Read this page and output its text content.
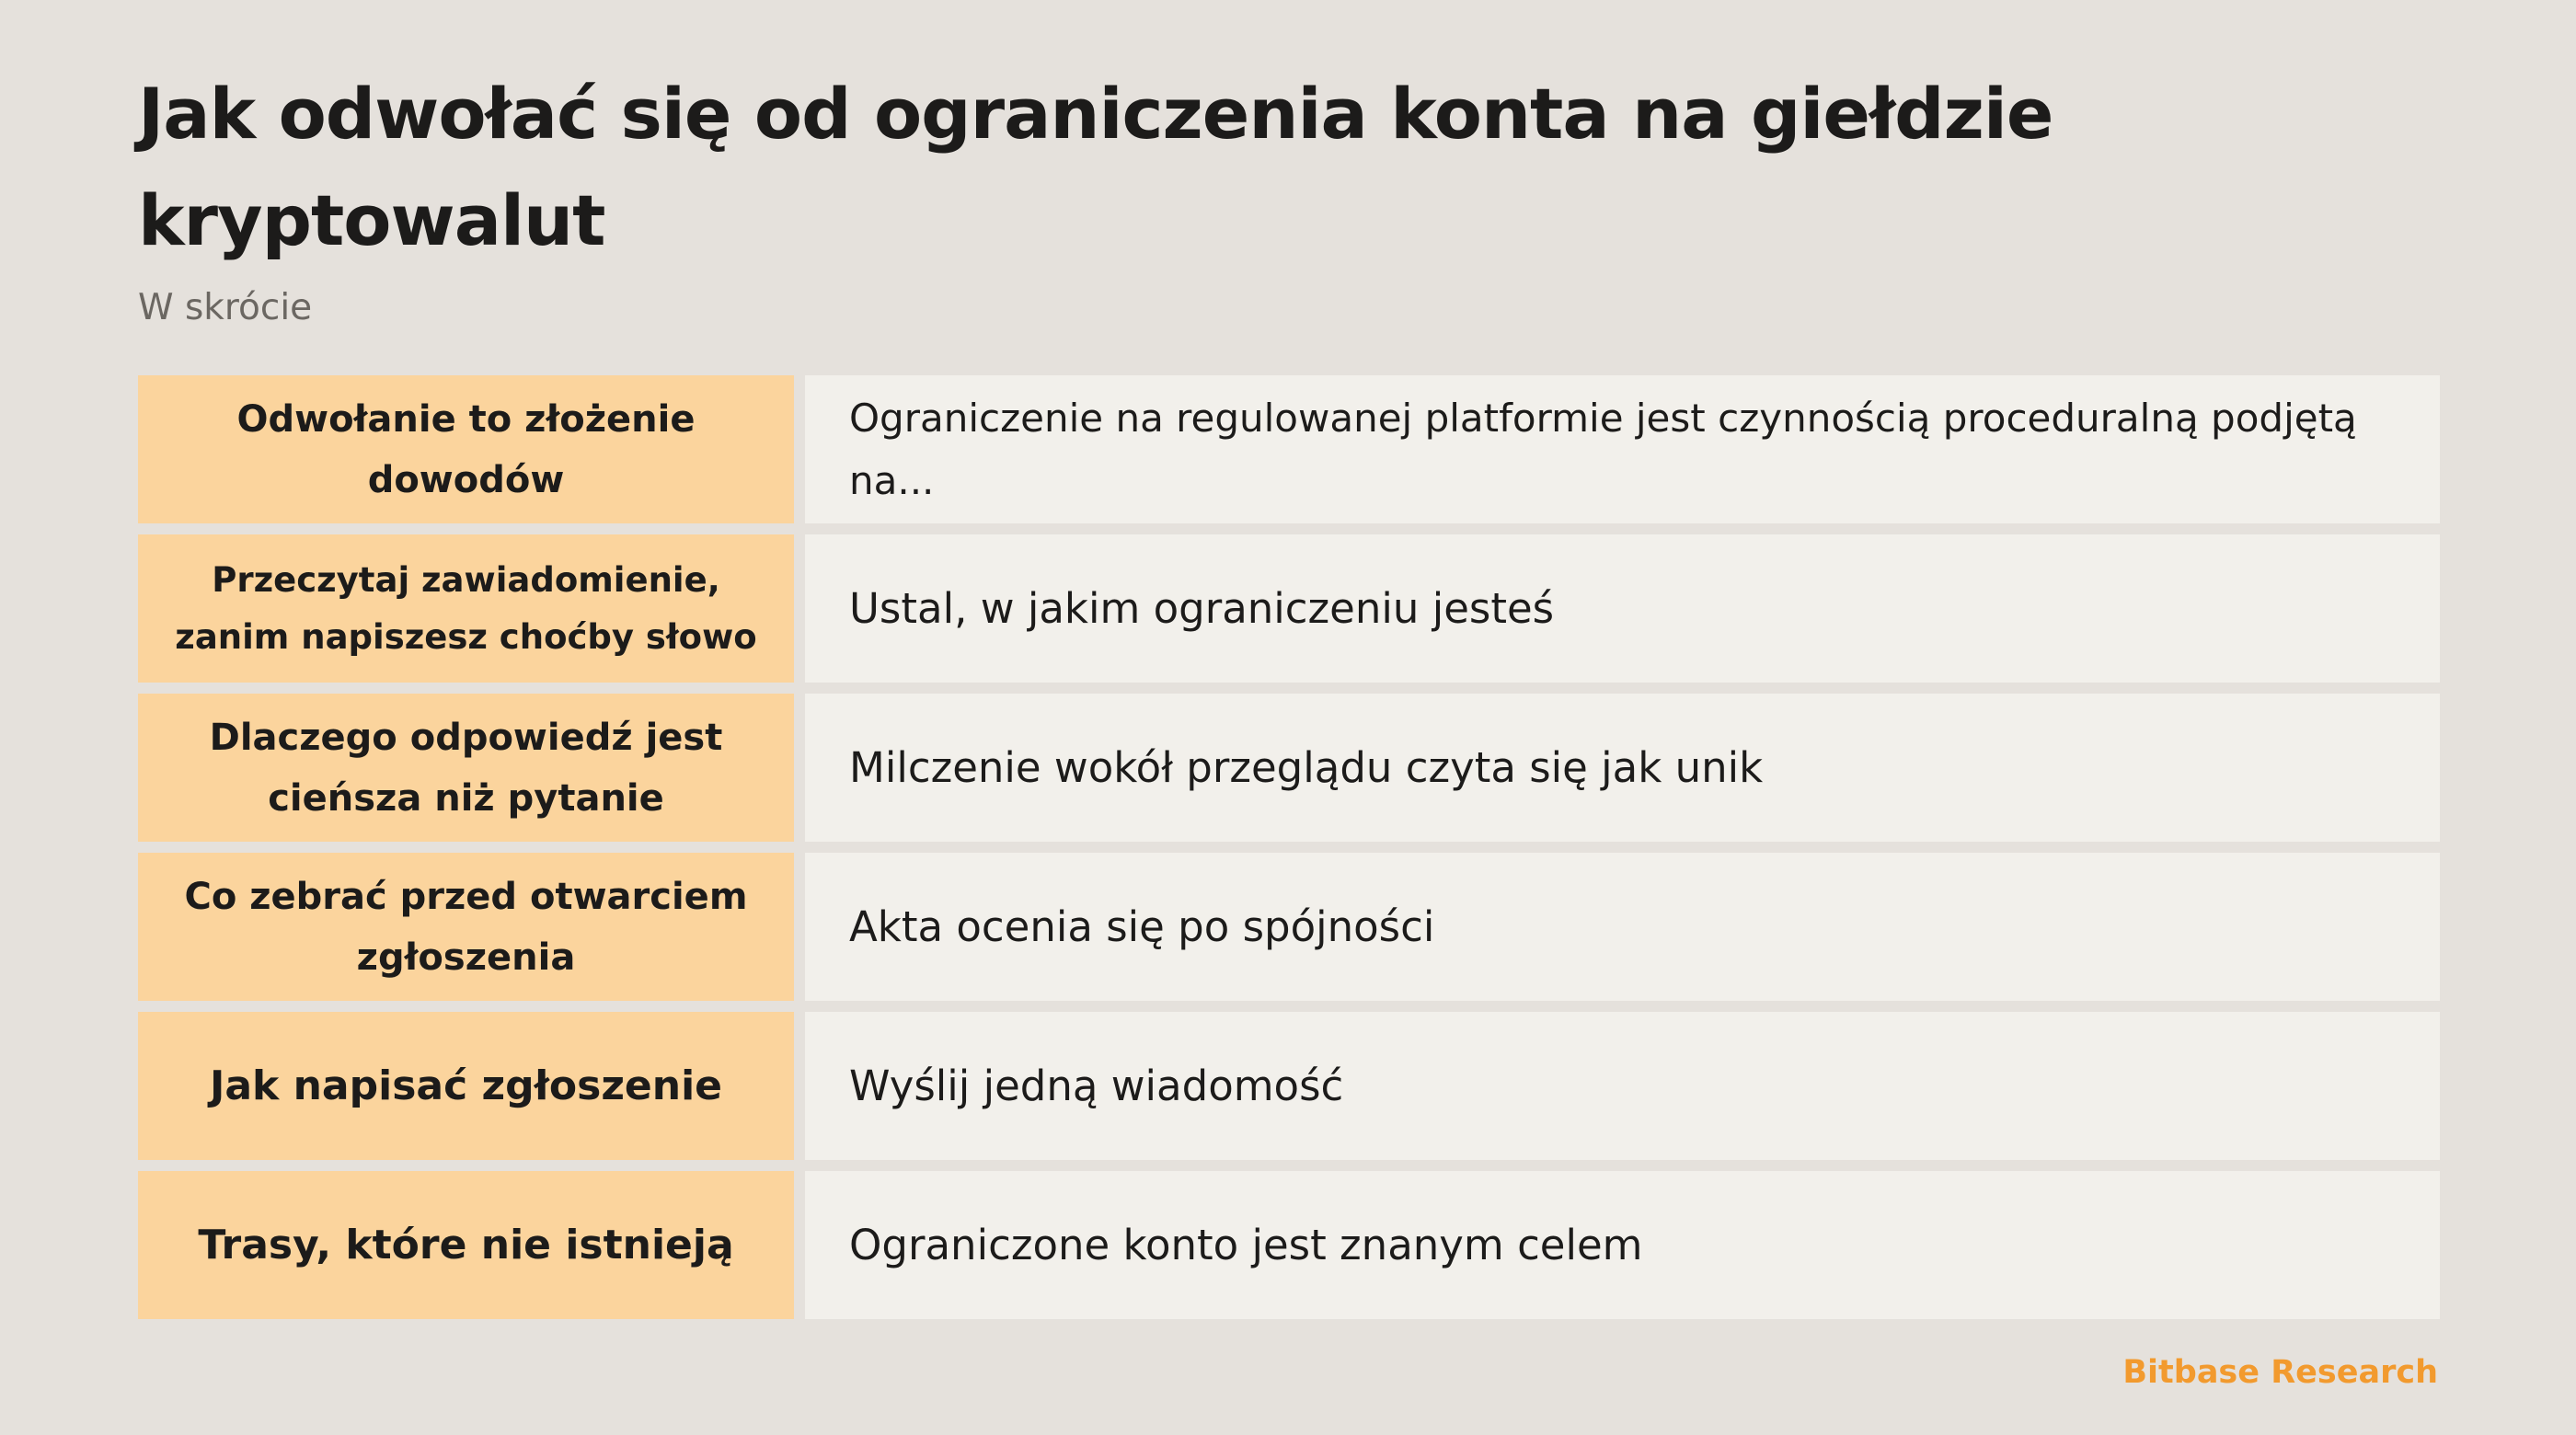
Jak odwołać się od ograniczenia konta na giełdzie kryptowalut

W skrócie

Odwołanie to złożenie dowodów
Ograniczenie na regulowanej platformie jest czynnością proceduralną podjętą na...
Przeczytaj zawiadomienie, zanim napiszesz choćby słowo
Ustal, w jakim ograniczeniu jesteś
Dlaczego odpowiedź jest cieńsza niż pytanie
Milczenie wokół przeglądu czyta się jak unik
Co zebrać przed otwarciem zgłoszenia
Akta ocenia się po spójności
Jak napisać zgłoszenie	Wyślij jedną wiadomość
Trasy, które nie istnieją	Ograniczone konto jest znanym celem
Bitbase Research
